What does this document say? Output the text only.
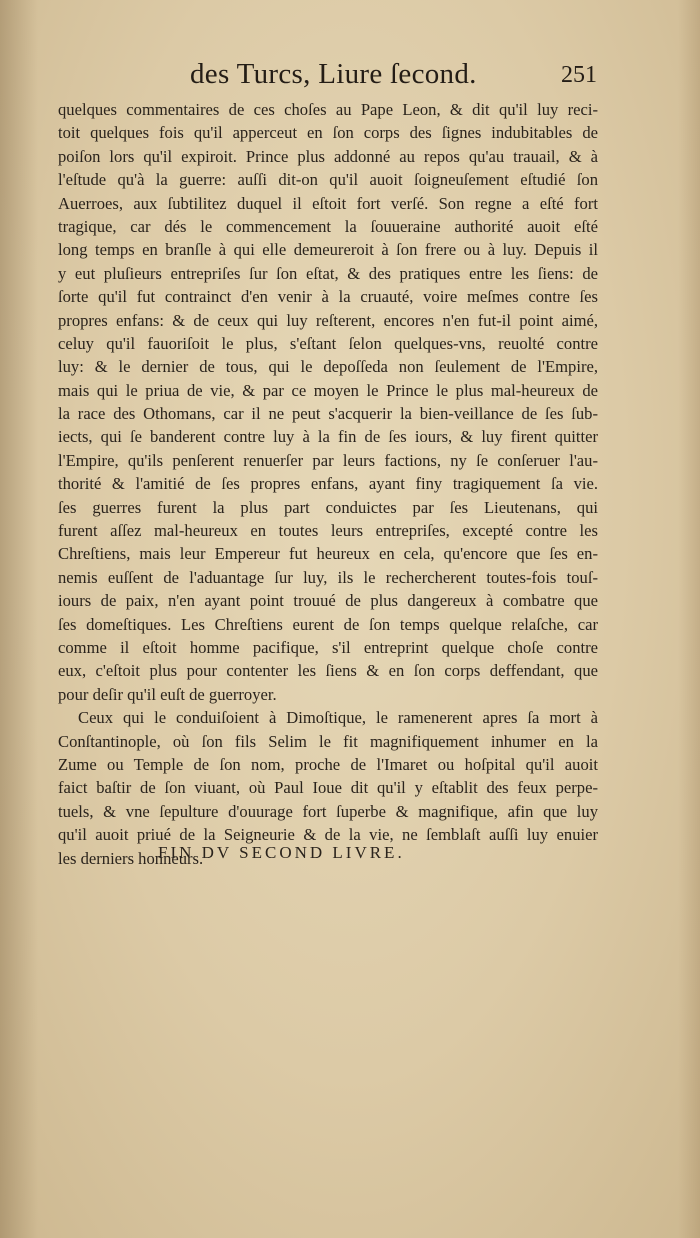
des Turcs, Liure ſecond.	251
quelques commentaires de ces choſes au Pape Leon, & dit qu'il luy reci-
toit quelques fois qu'il apperceut en ſon corps des ſignes indubitables de
poiſon lors qu'il expiroit. Prince plus addonné au repos qu'au trauail, & à
l'eſtude qu'à la guerre: auſſi dit-on qu'il auoit ſoigneuſement eſtudié ſon
Auerroes, aux ſubtilitez duquel il eſtoit fort verſé. Son regne a eſté fort
tragique, car dés le commencement la ſouueraine authorité auoit eſté
long temps en branſle à qui elle demeureroit à ſon frere ou à luy. Depuis il
y eut pluſieurs entrepriſes ſur ſon eſtat, & des pratiques entre les ſiens: de
ſorte qu'il fut contrainct d'en venir à la cruauté, voire meſmes contre ſes
propres enfans: & de ceux qui luy reſterent, encores n'en fut-il point aimé,
celuy qu'il fauoriſoit le plus, s'eſtant ſelon quelques-vns, reuolté contre
luy: & le dernier de tous, qui le depoſſeda non ſeulement de l'Empire,
mais qui le priua de vie, & par ce moyen le Prince le plus mal-heureux de
la race des Othomans, car il ne peut s'acquerir la bien-veillance de ſes ſub-
iects, qui ſe banderent contre luy à la fin de ſes iours, & luy firent quitter
l'Empire, qu'ils penſerent renuerſer par leurs factions, ny ſe conſeruer l'au-
thorité & l'amitié de ſes propres enfans, ayant finy tragiquement ſa vie.
ſes guerres furent la plus part conduictes par ſes Lieutenans, qui
furent aſſez mal-heureux en toutes leurs entrepriſes, excepté contre les
Chreſtiens, mais leur Empereur fut heureux en cela, qu'encore que ſes en-
nemis euſſent de l'aduantage ſur luy, ils le rechercherent toutes-fois touſ-
iours de paix, n'en ayant point trouué de plus dangereux à combatre que
ſes domeſtiques. Les Chreſtiens eurent de ſon temps quelque relaſche, car
comme il eſtoit homme pacifique, s'il entreprint quelque choſe contre
eux, c'eſtoit plus pour contenter les ſiens & en ſon corps deffendant, que
pour deſir qu'il euſt de guerroyer.
Ceux qui le conduiſoient à Dimoſtique, le ramenerent apres ſa mort à
Conſtantinople, où ſon fils Selim le fit magnifiquement inhumer en la
Zume ou Temple de ſon nom, proche de l'Imaret ou hoſpital qu'il auoit
faict baſtir de ſon viuant, où Paul Ioue dit qu'il y eſtablit des feux perpe-
tuels, & vne ſepulture d'ouurage fort ſuperbe & magnifique, afin que luy
qu'il auoit priué de la Seigneurie & de la vie, ne ſemblaſt auſſi luy enuier
les derniers honneurs.
FIN DV SECOND LIVRE.
